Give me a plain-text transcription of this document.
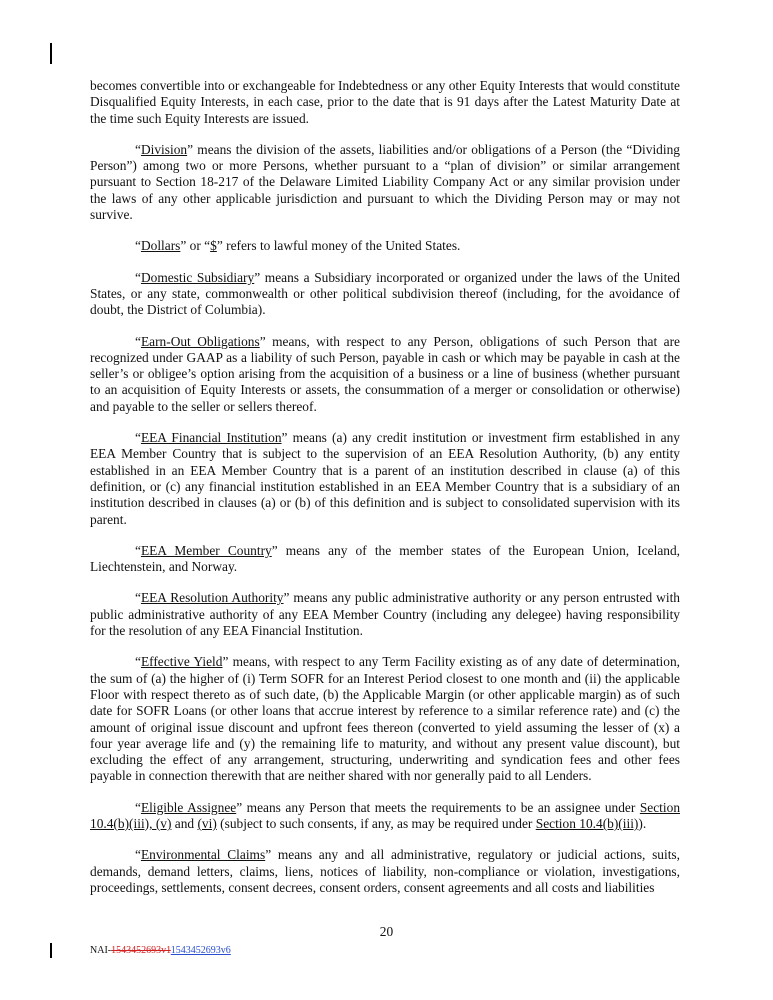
becomes convertible into or exchangeable for Indebtedness or any other Equity Interests that would constitute Disqualified Equity Interests, in each case, prior to the date that is 91 days after the Latest Maturity Date at the time such Equity Interests are issued.

“Division” means the division of the assets, liabilities and/or obligations of a Person (the “Dividing Person”) among two or more Persons, whether pursuant to a “plan of division” or similar arrangement pursuant to Section 18-217 of the Delaware Limited Liability Company Act or any similar provision under the laws of any other applicable jurisdiction and pursuant to which the Dividing Person may or may not survive.

“Dollars” or “$” refers to lawful money of the United States.

“Domestic Subsidiary” means a Subsidiary incorporated or organized under the laws of the United States, or any state, commonwealth or other political subdivision thereof (including, for the avoidance of doubt, the District of Columbia).

“Earn-Out Obligations” means, with respect to any Person, obligations of such Person that are recognized under GAAP as a liability of such Person, payable in cash or which may be payable in cash at the seller’s or obligee’s option arising from the acquisition of a business or a line of business (whether pursuant to an acquisition of Equity Interests or assets, the consummation of a merger or consolidation or otherwise) and payable to the seller or sellers thereof.

“EEA Financial Institution” means (a) any credit institution or investment firm established in any EEA Member Country that is subject to the supervision of an EEA Resolution Authority, (b) any entity established in an EEA Member Country that is a parent of an institution described in clause (a) of this definition, or (c) any financial institution established in an EEA Member Country that is a subsidiary of an institution described in clauses (a) or (b) of this definition and is subject to consolidated supervision with its parent.

“EEA Member Country” means any of the member states of the European Union, Iceland, Liechtenstein, and Norway.

“EEA Resolution Authority” means any public administrative authority or any person entrusted with public administrative authority of any EEA Member Country (including any delegee) having responsibility for the resolution of any EEA Financial Institution.

“Effective Yield” means, with respect to any Term Facility existing as of any date of determination, the sum of (a) the higher of (i) Term SOFR for an Interest Period closest to one month and (ii) the applicable Floor with respect thereto as of such date, (b) the Applicable Margin (or other applicable margin) as of such date for SOFR Loans (or other loans that accrue interest by reference to a similar reference rate) and (c) the amount of original issue discount and upfront fees thereon (converted to yield assuming the lesser of (x) a four year average life and (y) the remaining life to maturity, and without any present value discount), but excluding the effect of any arrangement, structuring, underwriting and syndication fees and other fees payable in connection therewith that are neither shared with nor generally paid to all Lenders.

“Eligible Assignee” means any Person that meets the requirements to be an assignee under Section 10.4(b)(iii), (v) and (vi) (subject to such consents, if any, as may be required under Section 10.4(b)(iii)).

“Environmental Claims” means any and all administrative, regulatory or judicial actions, suits, demands, demand letters, claims, liens, notices of liability, non-compliance or violation, investigations, proceedings, settlements, consent decrees, consent orders, consent agreements and all costs and liabilities

20
NAI-1543452693v11543452693v6
